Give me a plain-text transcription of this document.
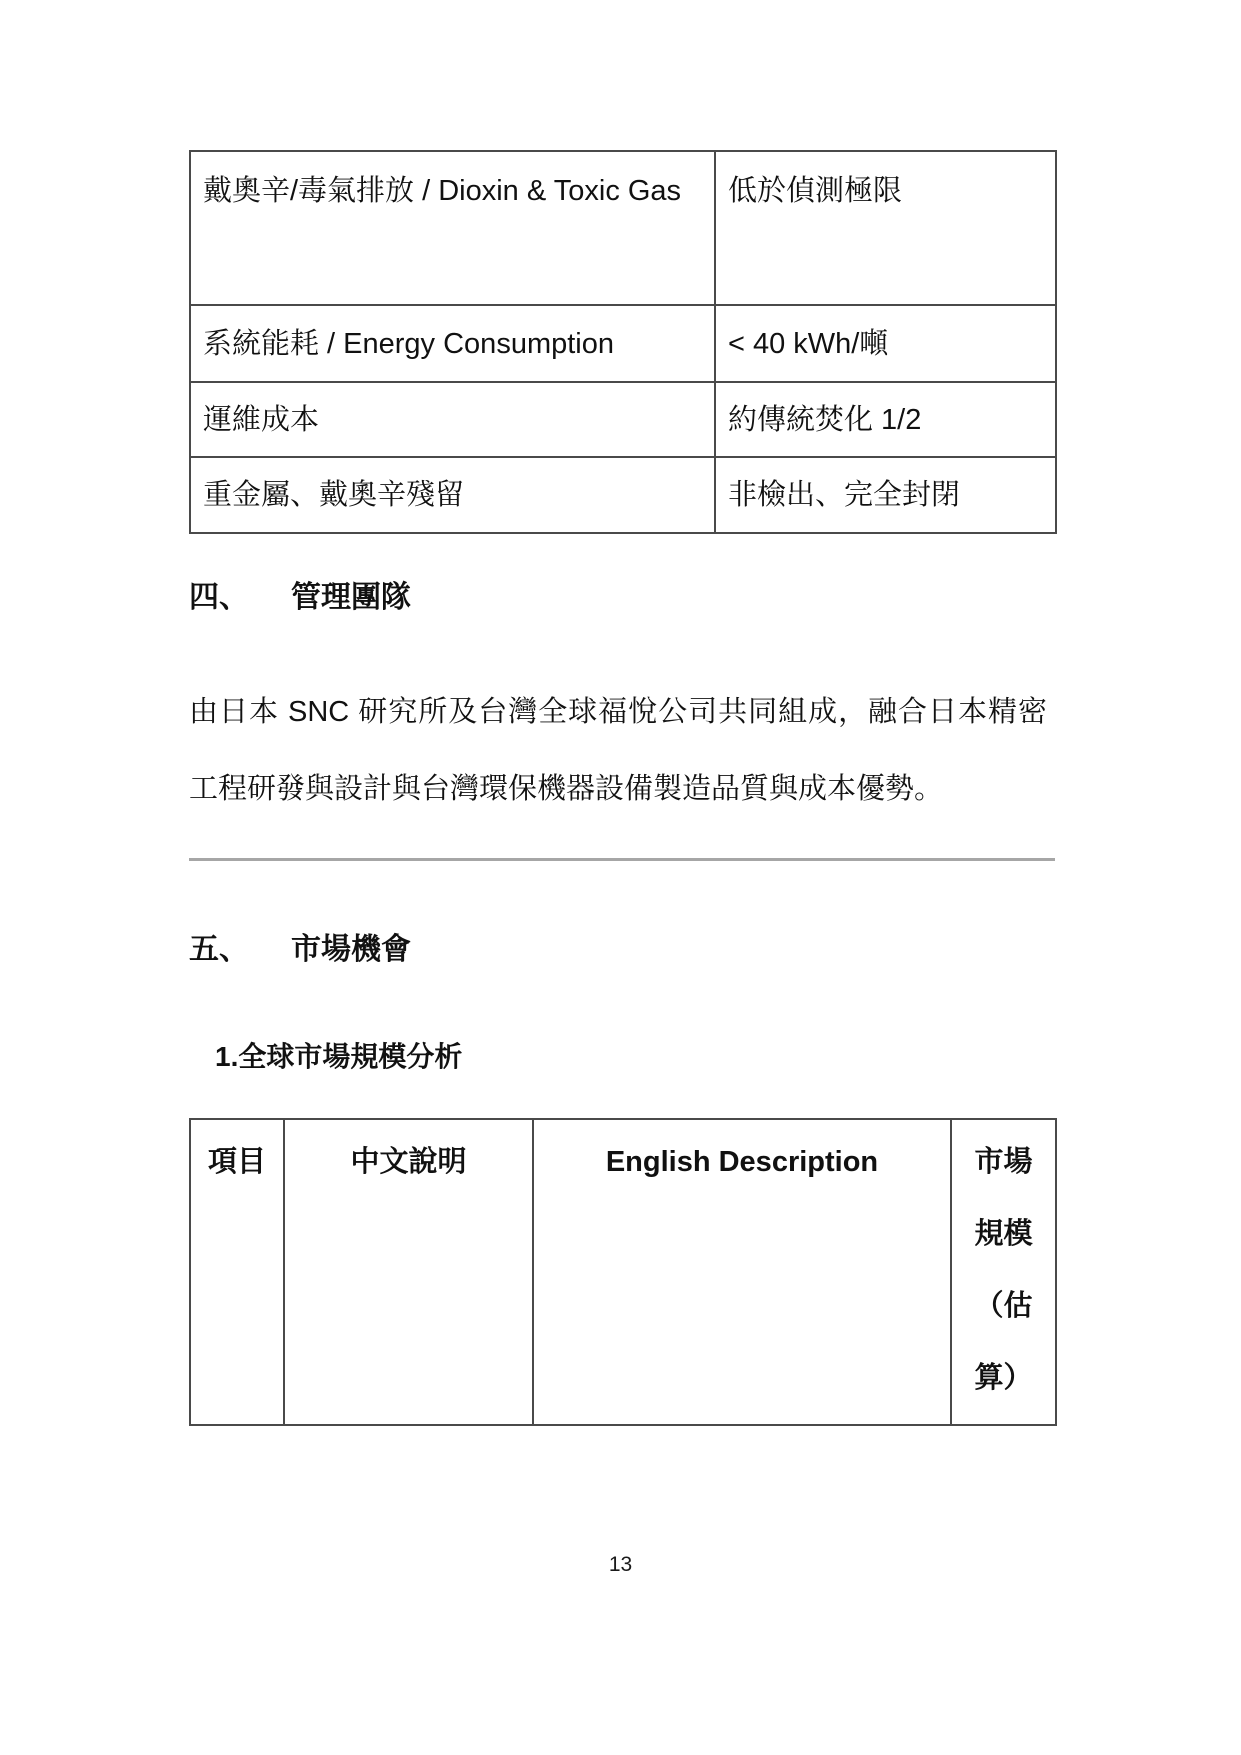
戴奧辛/毒氣排放 / Dioxin & Toxic Gas	低於偵測極限
系統能耗 / Energy Consumption	< 40 kWh/噸
運維成本	約傳統焚化 1/2
重金屬、戴奧辛殘留	非檢出、完全封閉
四、 管理團隊

由日本 SNC 研究所及台灣全球福悅公司共同組成，融合日本精密工程研發與設計與台灣環保機器設備製造品質與成本優勢。

五、 市場機會
1.全球市場規模分析
項目	中文說明	English Description	市場規模（估算）
13
